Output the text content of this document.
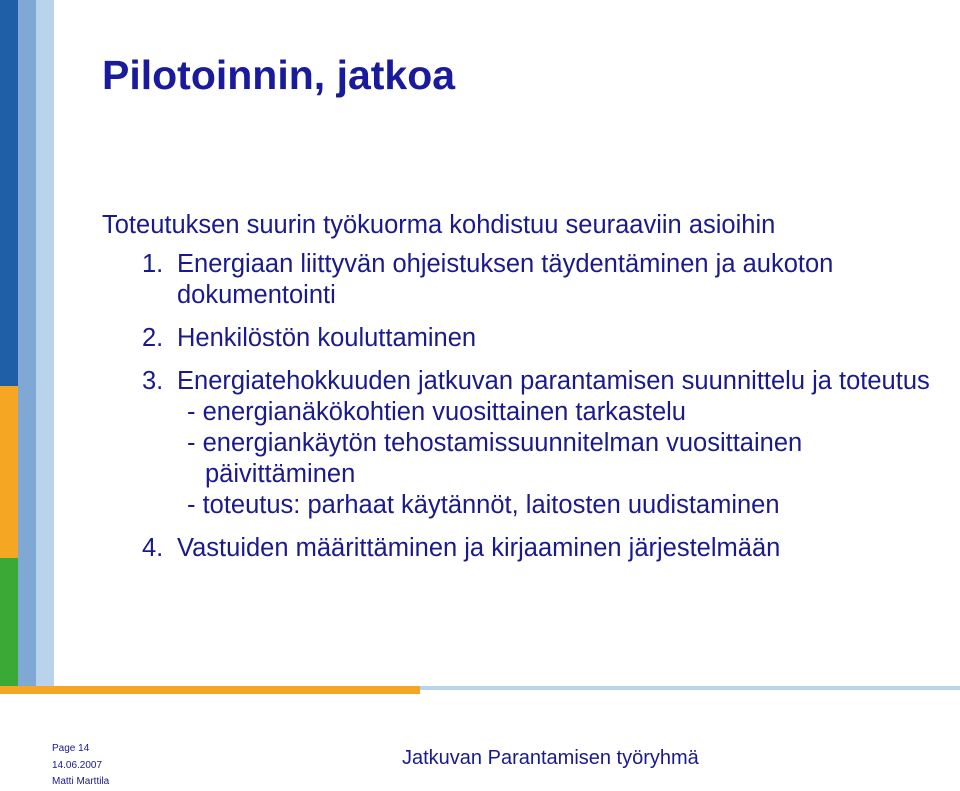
Pilotoinnin, jatkoa

Toteutuksen suurin työkuorma kohdistuu seuraaviin asioihin

1. Energiaan liittyvän ohjeistuksen täydentäminen ja aukoton dokumentointi
2. Henkilöstön kouluttaminen
3. Energiatehokkuuden jatkuvan parantamisen suunnittelu ja toteutus
- energianäkökohtien vuosittainen tarkastelu
- energiankäytön tehostamissuunnitelman vuosittainen
päivittäminen
- toteutus: parhaat käytännöt, laitosten uudistaminen
4. Vastuiden määrittäminen ja kirjaaminen järjestelmään
Page 14
14.06.2007
Matti Marttila
Jatkuvan Parantamisen työryhmä
